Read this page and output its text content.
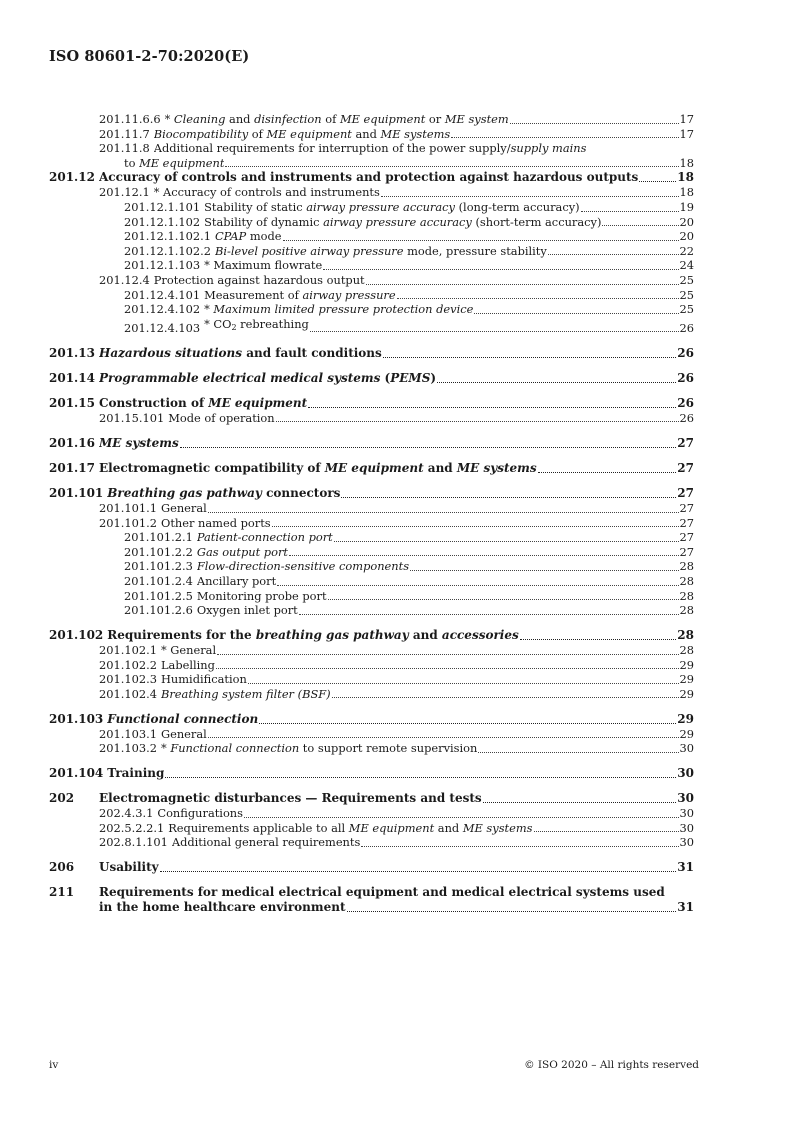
ISO 80601-2-70:2020(E)
201.11.6.6 * Cleaning and disinfection of ME equipment or ME system	17
201.11.7 Biocompatibility of ME equipment and ME systems	17
201.11.8 Additional requirements for interruption of the power supply/supply mains
to ME equipment	18
201.12 Accuracy of controls and instruments and protection against hazardous outputs	18
201.12.1 * Accuracy of controls and instruments	18
201.12.1.101 Stability of static airway pressure accuracy (long-term accuracy)	19
201.12.1.102 Stability of dynamic airway pressure accuracy (short-term accuracy)	20
201.12.1.102.1 CPAP mode	20
201.12.1.102.2 Bi-level positive airway pressure mode, pressure stability	22
201.12.1.103 * Maximum flowrate	24
201.12.4 Protection against hazardous output	25
201.12.4.101 Measurement of airway pressure	25
201.12.4.102 * Maximum limited pressure protection device	25
$201.12.4.103 * CO_2$ rebreathing	26
201.13 Hazardous situations and fault conditions	26
201.14 Programmable electrical medical systems (PEMS)	26
201.15 Construction of ME equipment	26
201.15.101 Mode of operation	26
201.16 ME systems	27
201.17 Electromagnetic compatibility of ME equipment and ME systems	27
201.101 Breathing gas pathway connectors	27
201.101.1 General	27
201.101.2 Other named ports	27
201.101.2.1 Patient-connection port	27
201.101.2.2 Gas output port	27
201.101.2.3 Flow-direction-sensitive components	28
201.101.2.4 Ancillary port	28
201.101.2.5 Monitoring probe port	28
201.101.2.6 Oxygen inlet port	28
201.102 Requirements for the breathing gas pathway and accessories	28
201.102.1 * General	28
201.102.2 Labelling	29
201.102.3 Humidification	29
201.102.4 Breathing system filter (BSF)	29
201.103 Functional connection	29
201.103.1 General	29
201.103.2 * Functional connection to support remote supervision	30
201.104 Training	30
202	Electromagnetic disturbances — Requirements and tests	30
202.4.3.1 Configurations	30
202.5.2.2.1 Requirements applicable to all ME equipment and ME systems	30
202.8.1.101 Additional general requirements	30
206	Usability	31
211	Requirements for medical electrical equipment and medical electrical systems used
in the home healthcare environment	31
iv	© ISO 2020 – All rights reserved
